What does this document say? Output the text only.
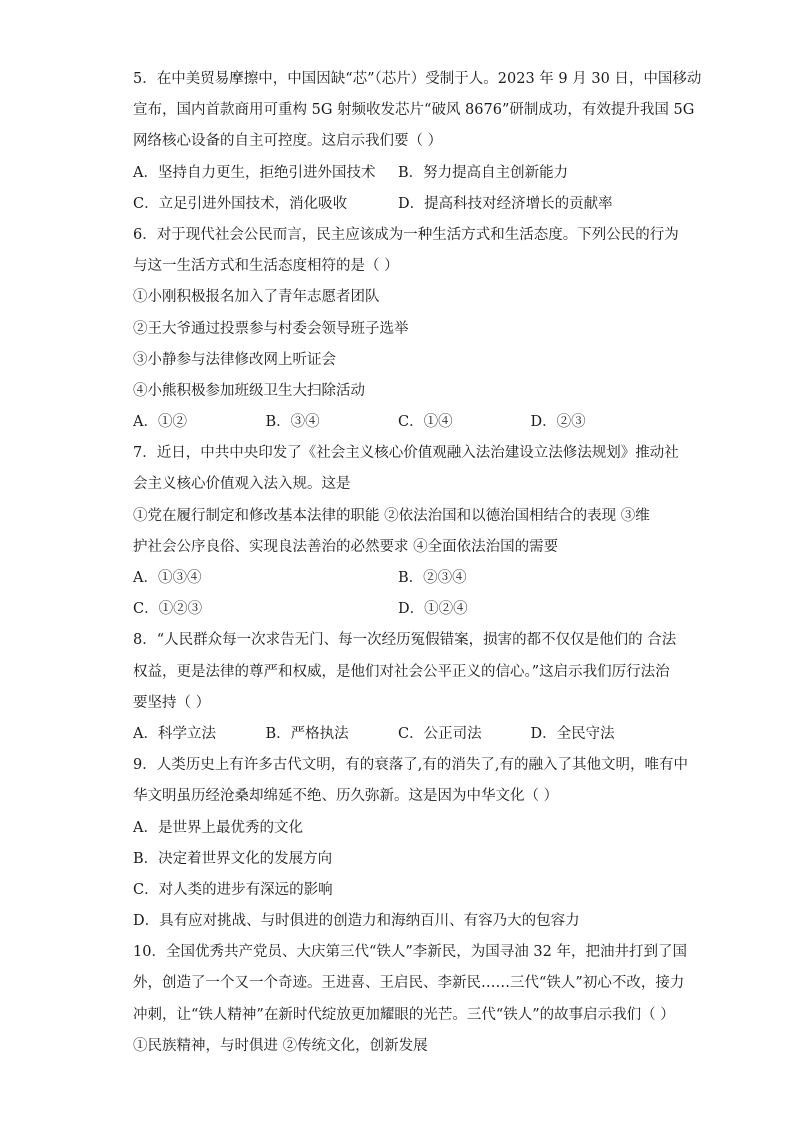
5．在中美贸易摩擦中，中国因缺“芯”（芯片）受制于人。2023 年 9 月 30 日，中国移动
宣布，国内首款商用可重构 5G 射频收发芯片“破风 8676”研制成功，有效提升我国 5G
网络核心设备的自主可控度。这启示我们要（ ）
A．坚持自力更生，拒绝引进外国技术	B．努力提高自主创新能力
C．立足引进外国技术，消化吸收	D．提高科技对经济增长的贡献率
6．对于现代社会公民而言，民主应该成为一种生活方式和生活态度。下列公民的行为
与这一生活方式和生活态度相符的是（ ）
①小刚积极报名加入了青年志愿者团队
②王大爷通过投票参与村委会领导班子选举
③小静参与法律修改网上听证会
④小熊积极参加班级卫生大扫除活动
A．①②	B．③④	C．①④	D．②③
7．近日，中共中央印发了《社会主义核心价值观融入法治建设立法修法规划》推动社
会主义核心价值观入法入规。这是
①党在履行制定和修改基本法律的职能 ②依法治国和以德治国相结合的表现 ③维
护社会公序良俗、实现良法善治的必然要求 ④全面依法治国的需要
A．①③④	B．②③④
C．①②③	D．①②④
8．“人民群众每一次求告无门、每一次经历冤假错案，损害的都不仅仅是他们的 合法
权益，更是法律的尊严和权威，是他们对社会公平正义的信心。”这启示我们厉行法治
要坚持（ ）
A．科学立法	B．严格执法	C．公正司法	D．全民守法
9．人类历史上有许多古代文明，有的衰落了,有的消失了,有的融入了其他文明，唯有中
华文明虽历经沧桑却绵延不绝、历久弥新。这是因为中华文化（ ）
A．是世界上最优秀的文化
B．决定着世界文化的发展方向
C．对人类的进步有深远的影响
D．具有应对挑战、与时俱进的创造力和海纳百川、有容乃大的包容力
10．全国优秀共产党员、大庆第三代“铁人”李新民，为国寻油 32 年，把油井打到了国
外，创造了一个又一个奇迹。王进喜、王启民、李新民……三代“铁人”初心不改，接力
冲刺，让“铁人精神”在新时代绽放更加耀眼的光芒。三代“铁人”的故事启示我们（ ）
①民族精神，与时俱进 ②传统文化，创新发展
